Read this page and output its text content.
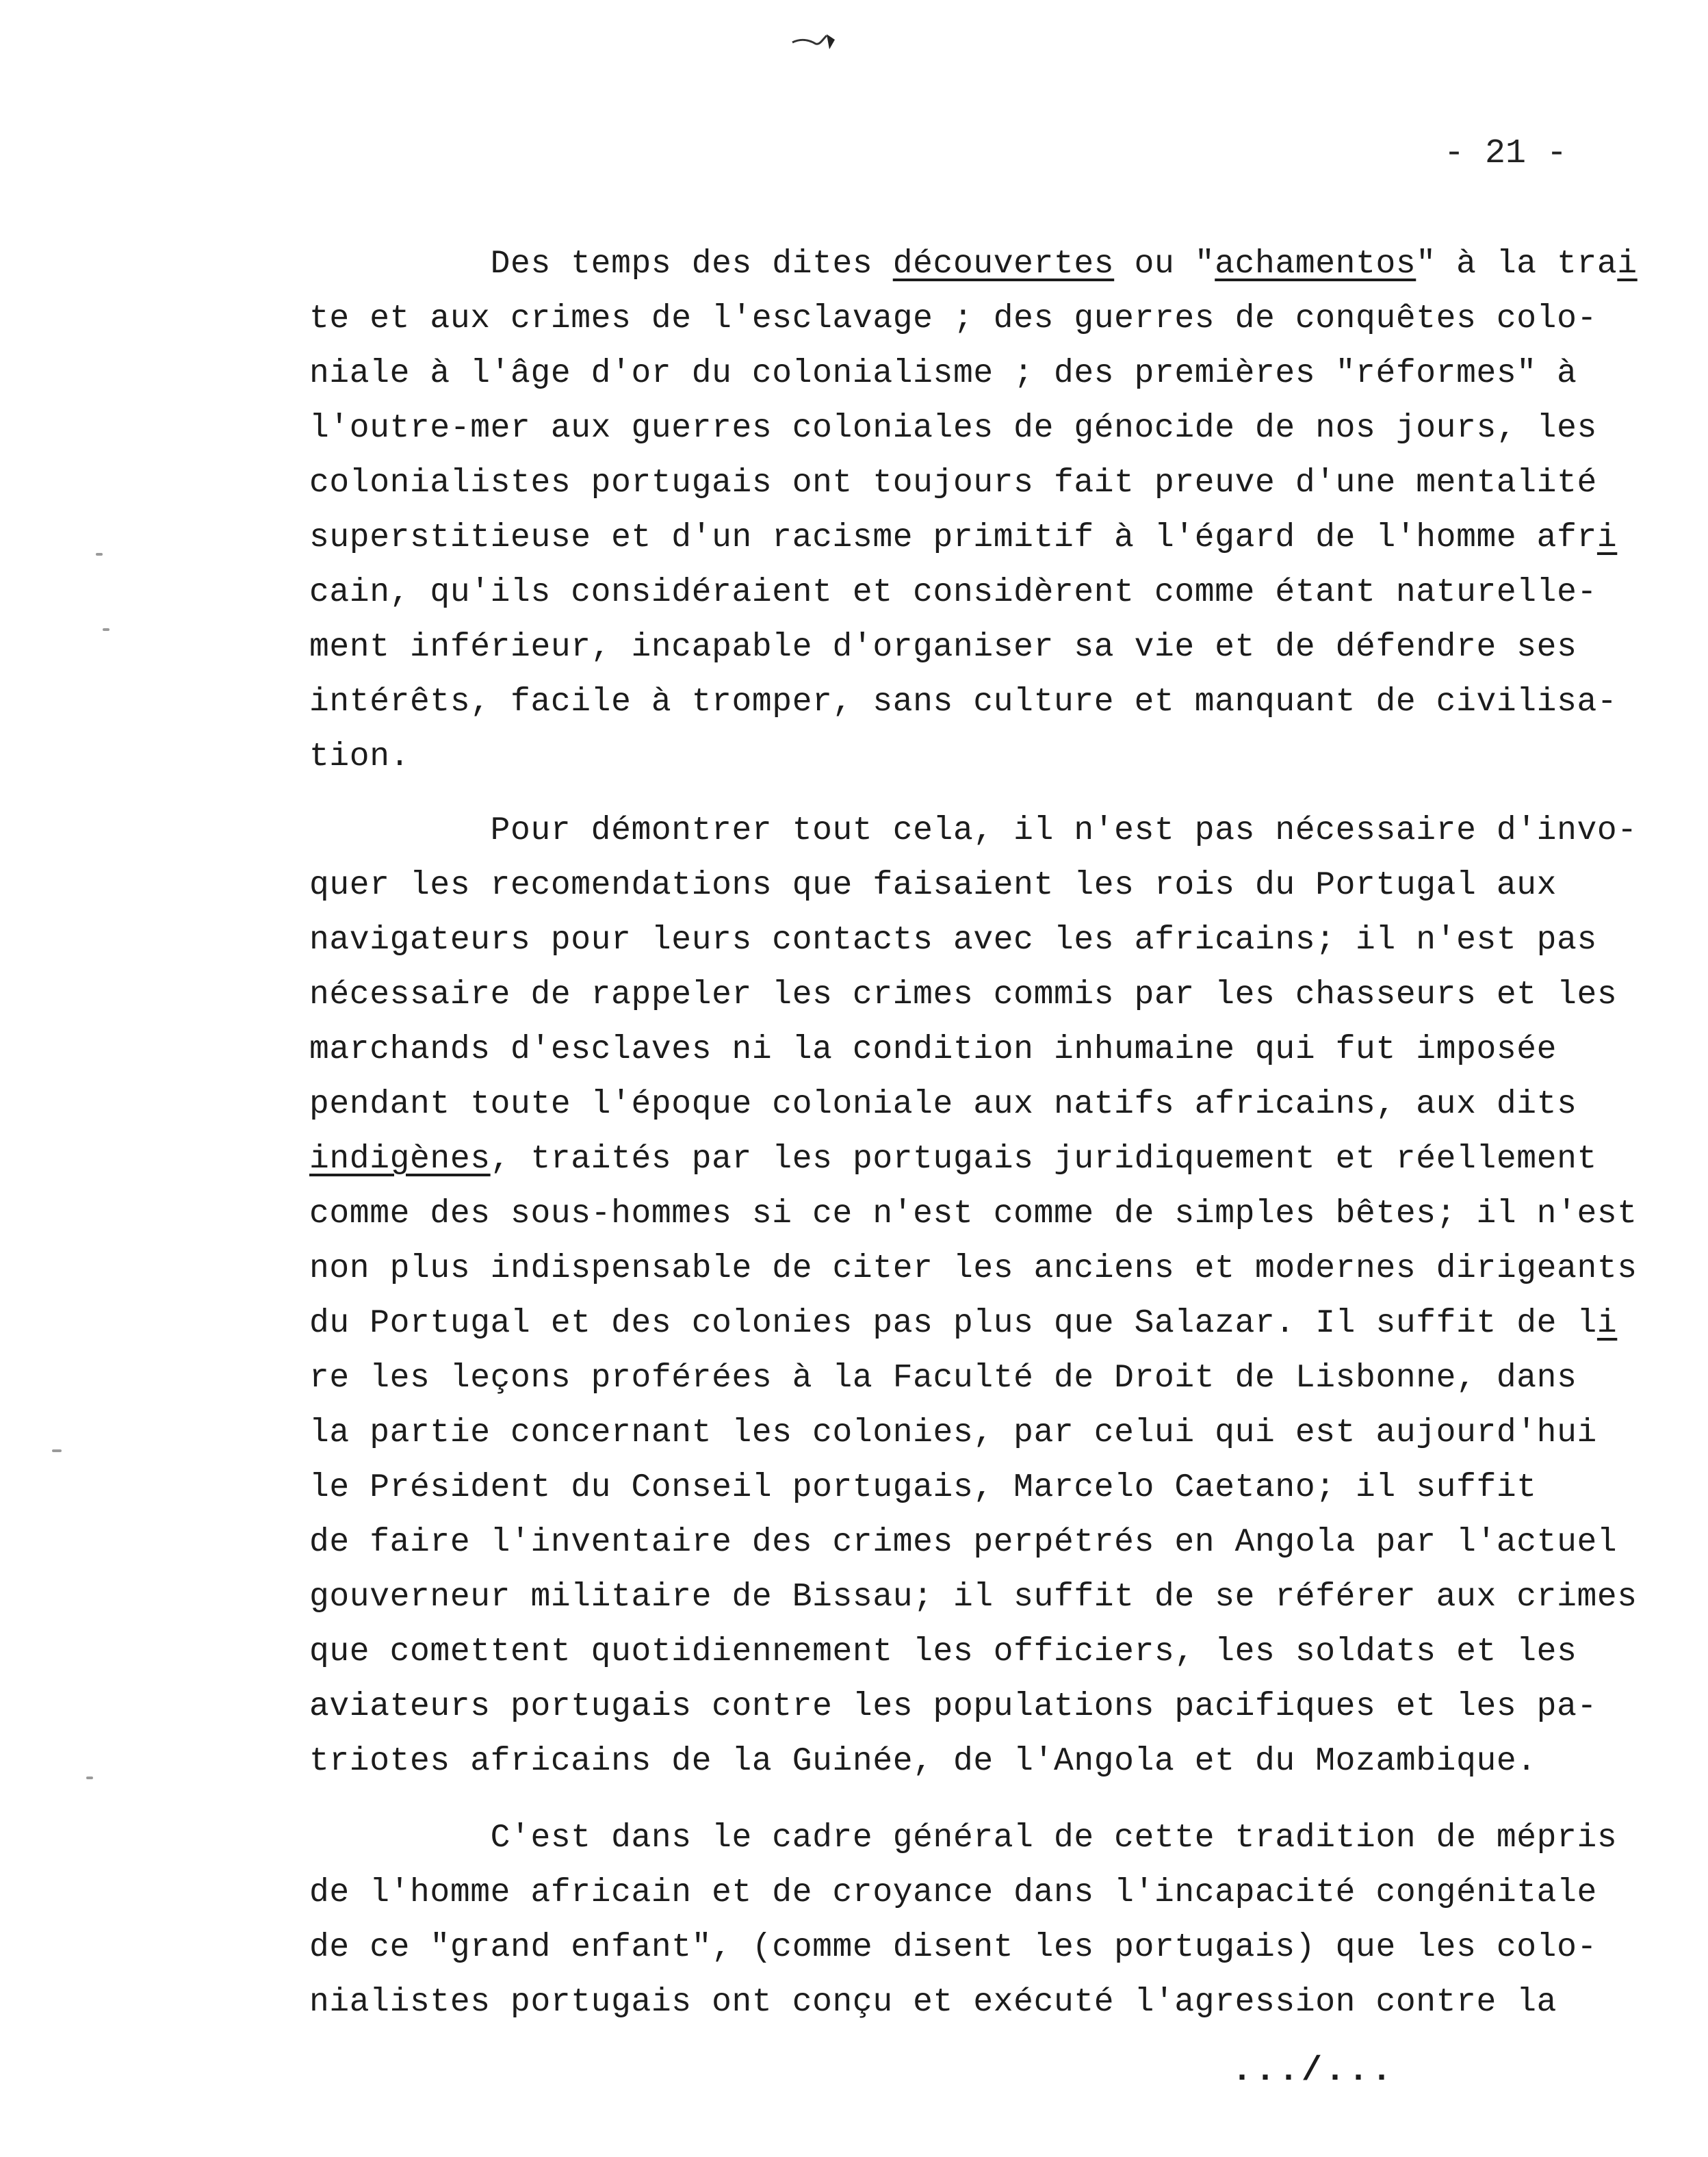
- 21 -
Des temps des dites découvertes ou "achamentos" à la trai
te et aux crimes de l'esclavage ; des guerres de conquêtes colo-
niale à l'âge d'or du colonialisme ; des premières "réformes" à
l'outre-mer aux guerres coloniales de génocide de nos jours, les
colonialistes portugais ont toujours fait preuve d'une mentalité
superstitieuse et d'un racisme primitif à l'égard de l'homme afri
cain, qu'ils considéraient et considèrent comme étant naturelle-
ment inférieur, incapable d'organiser sa vie et de défendre ses
intérêts, facile à tromper, sans culture et manquant de civilisa-
tion.
Pour démontrer tout cela, il n'est pas nécessaire d'invo-
quer les recomendations que faisaient les rois du Portugal aux
navigateurs pour leurs contacts avec les africains; il n'est pas
nécessaire de rappeler les crimes commis par les chasseurs et les
marchands d'esclaves ni la condition inhumaine qui fut imposée
pendant toute l'époque coloniale aux natifs africains, aux dits
indigènes, traités par les portugais juridiquement et réellement
comme des sous-hommes si ce n'est comme de simples bêtes; il n'est
non plus indispensable de citer les anciens et modernes dirigeants
du Portugal et des colonies pas plus que Salazar. Il suffit de li
re les leçons proférées à la Faculté de Droit de Lisbonne, dans
la partie concernant les colonies, par celui qui est aujourd'hui
le Président du Conseil portugais, Marcelo Caetano; il suffit
de faire l'inventaire des crimes perpétrés en Angola par l'actuel
gouverneur militaire de Bissau; il suffit de se référer aux crimes
que comettent quotidiennement les officiers, les soldats et les
aviateurs portugais contre les populations pacifiques et les pa-
triotes africains de la Guinée, de l'Angola et du Mozambique.
C'est dans le cadre général de cette tradition de mépris
de l'homme africain et de croyance dans l'incapacité congénitale
de ce "grand enfant", (comme disent les portugais) que les colo-
nialistes portugais ont conçu et exécuté l'agression contre la
.../...
